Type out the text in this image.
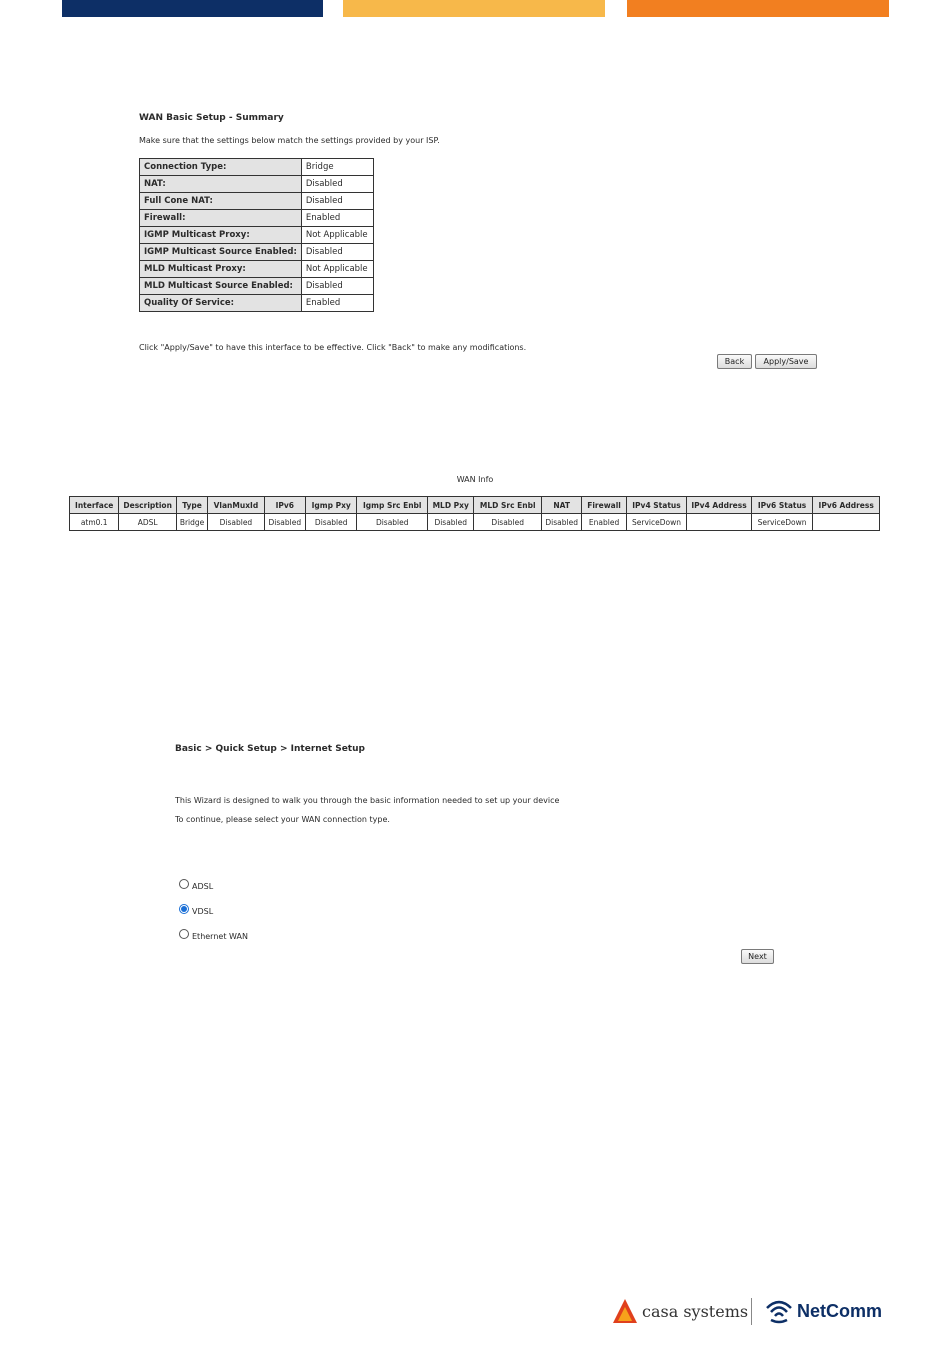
WAN Basic Setup - Summary
Make sure that the settings below match the settings provided by your ISP.
Connection Type:	Bridge
NAT:	Disabled
Full Cone NAT:	Disabled
Firewall:	Enabled
IGMP Multicast Proxy:	Not Applicable
IGMP Multicast Source Enabled:	Disabled
MLD Multicast Proxy:	Not Applicable
MLD Multicast Source Enabled:	Disabled
Quality Of Service:	Enabled
Click "Apply/Save" to have this interface to be effective. Click "Back" to make any modifications.
Back	Apply/Save
WAN Info
Interface	Description	Type	VlanMuxId	IPv6	Igmp Pxy	Igmp Src Enbl	MLD Pxy	MLD Src Enbl	NAT	Firewall	IPv4 Status	IPv4 Address	IPv6 Status	IPv6 Address
atm0.1	ADSL	Bridge	Disabled	Disabled	Disabled	Disabled	Disabled	Disabled	Disabled	Enabled	ServiceDown		ServiceDown	
Basic > Quick Setup > Internet Setup
This Wizard is designed to walk you through the basic information needed to set up your device
To continue, please select your WAN connection type.
ADSL
VDSL
Ethernet WAN
Next
casa systems	NetComm
